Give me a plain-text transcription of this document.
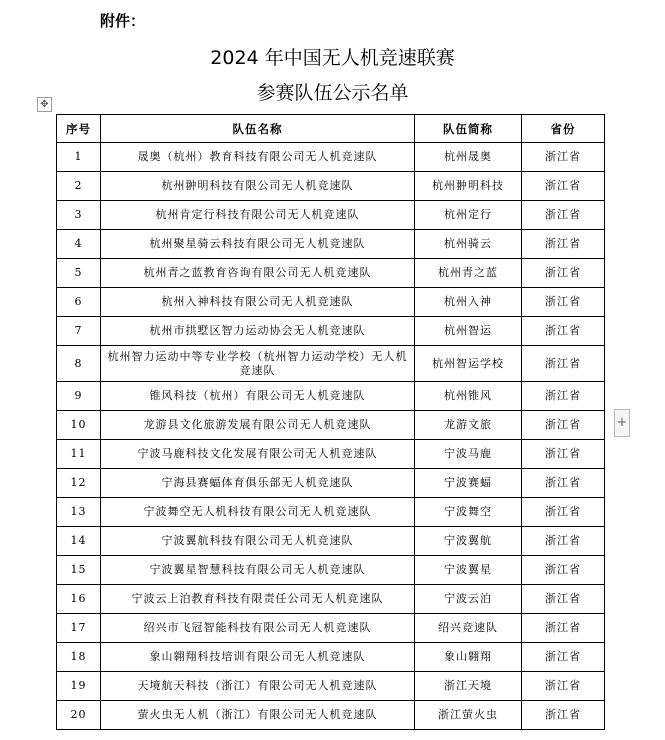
附件：
2024 年中国无人机竞速联赛
参赛队伍公示名单
✥
+
序号	队伍名称	队伍简称	省份
1	晟奥（杭州）教育科技有限公司无人机竞速队	杭州晟奥	浙江省
2	杭州翀明科技有限公司无人机竞速队	杭州翀明科技	浙江省
3	杭州肯定行科技有限公司无人机竞速队	杭州定行	浙江省
4	杭州聚星骑云科技有限公司无人机竞速队	杭州骑云	浙江省
5	杭州青之蓝教育咨询有限公司无人机竞速队	杭州青之蓝	浙江省
6	杭州入神科技有限公司无人机竞速队	杭州入神	浙江省
7	杭州市拱墅区智力运动协会无人机竞速队	杭州智运	浙江省
8	杭州智力运动中等专业学校（杭州智力运动学校）无人机竞速队	杭州智运学校	浙江省
9	锥风科技（杭州）有限公司无人机竞速队	杭州锥风	浙江省
10	龙游县文化旅游发展有限公司无人机竞速队	龙游文旅	浙江省
11	宁波马鹿科技文化发展有限公司无人机竞速队	宁波马鹿	浙江省
12	宁海县赛蝠体育俱乐部无人机竞速队	宁波赛蝠	浙江省
13	宁波舞空无人机科技有限公司无人机竞速队	宁波舞空	浙江省
14	宁波翼航科技有限公司无人机竞速队	宁波翼航	浙江省
15	宁波翼星智慧科技有限公司无人机竞速队	宁波翼星	浙江省
16	宁波云上泊教育科技有限责任公司无人机竞速队	宁波云泊	浙江省
17	绍兴市飞冠智能科技有限公司无人机竞速队	绍兴竞速队	浙江省
18	象山翱翔科技培训有限公司无人机竞速队	象山翱翔	浙江省
19	天境航天科技（浙江）有限公司无人机竞速队	浙江天境	浙江省
20	萤火虫无人机（浙江）有限公司无人机竞速队	浙江萤火虫	浙江省
